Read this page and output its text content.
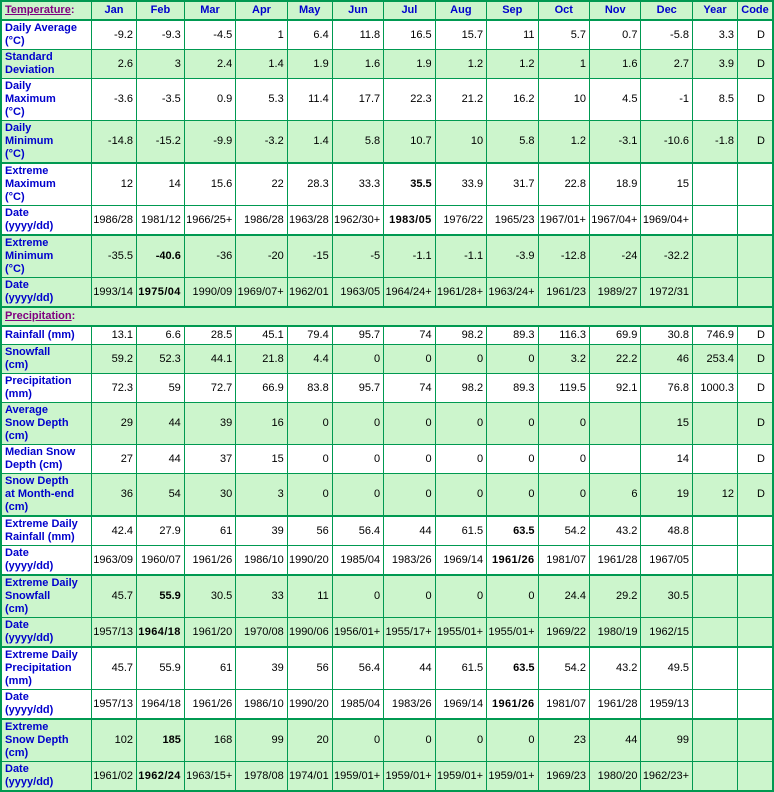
Temperature:	Jan	Feb	Mar	Apr	May	Jun	Jul	Aug	Sep	Oct	Nov	Dec	Year	Code
Daily Average
(°C)	-9.2	-9.3	-4.5	1	6.4	11.8	16.5	15.7	11	5.7	0.7	-5.8	3.3	D
Standard
Deviation	2.6	3	2.4	1.4	1.9	1.6	1.9	1.2	1.2	1	1.6	2.7	3.9	D
Daily
Maximum
(°C)	-3.6	-3.5	0.9	5.3	11.4	17.7	22.3	21.2	16.2	10	4.5	-1	8.5	D
Daily
Minimum
(°C)	-14.8	-15.2	-9.9	-3.2	1.4	5.8	10.7	10	5.8	1.2	-3.1	-10.6	-1.8	D
Extreme
Maximum
(°C)	12	14	15.6	22	28.3	33.3	35.5	33.9	31.7	22.8	18.9	15		
Date
(yyyy/dd)	1986/28	1981/12	1966/25+	1986/28	1963/28	1962/30+	1983/05	1976/22	1965/23	1967/01+	1967/04+	1969/04+		
Extreme
Minimum
(°C)	-35.5	-40.6	-36	-20	-15	-5	-1.1	-1.1	-3.9	-12.8	-24	-32.2		
Date
(yyyy/dd)	1993/14	1975/04	1990/09	1969/07+	1962/01	1963/05	1964/24+	1961/28+	1963/24+	1961/23	1989/27	1972/31		
Precipitation:														
Rainfall (mm)	13.1	6.6	28.5	45.1	79.4	95.7	74	98.2	89.3	116.3	69.9	30.8	746.9	D
Snowfall
(cm)	59.2	52.3	44.1	21.8	4.4	0	0	0	0	3.2	22.2	46	253.4	D
Precipitation
(mm)	72.3	59	72.7	66.9	83.8	95.7	74	98.2	89.3	119.5	92.1	76.8	1000.3	D
Average
Snow Depth
(cm)	29	44	39	16	0	0	0	0	0	0		15		D
Median Snow
Depth (cm)	27	44	37	15	0	0	0	0	0	0		14		D
Snow Depth
at Month-end
(cm)	36	54	30	3	0	0	0	0	0	0	6	19	12	D
Extreme Daily
Rainfall (mm)	42.4	27.9	61	39	56	56.4	44	61.5	63.5	54.2	43.2	48.8		
Date
(yyyy/dd)	1963/09	1960/07	1961/26	1986/10	1990/20	1985/04	1983/26	1969/14	1961/26	1981/07	1961/28	1967/05		
Extreme Daily
Snowfall
(cm)	45.7	55.9	30.5	33	11	0	0	0	0	24.4	29.2	30.5		
Date
(yyyy/dd)	1957/13	1964/18	1961/20	1970/08	1990/06	1956/01+	1955/17+	1955/01+	1955/01+	1969/22	1980/19	1962/15		
Extreme Daily
Precipitation
(mm)	45.7	55.9	61	39	56	56.4	44	61.5	63.5	54.2	43.2	49.5		
Date
(yyyy/dd)	1957/13	1964/18	1961/26	1986/10	1990/20	1985/04	1983/26	1969/14	1961/26	1981/07	1961/28	1959/13		
Extreme
Snow Depth
(cm)	102	185	168	99	20	0	0	0	0	23	44	99		
Date
(yyyy/dd)	1961/02	1962/24	1963/15+	1978/08	1974/01	1959/01+	1959/01+	1959/01+	1959/01+	1969/23	1980/20	1962/23+		
